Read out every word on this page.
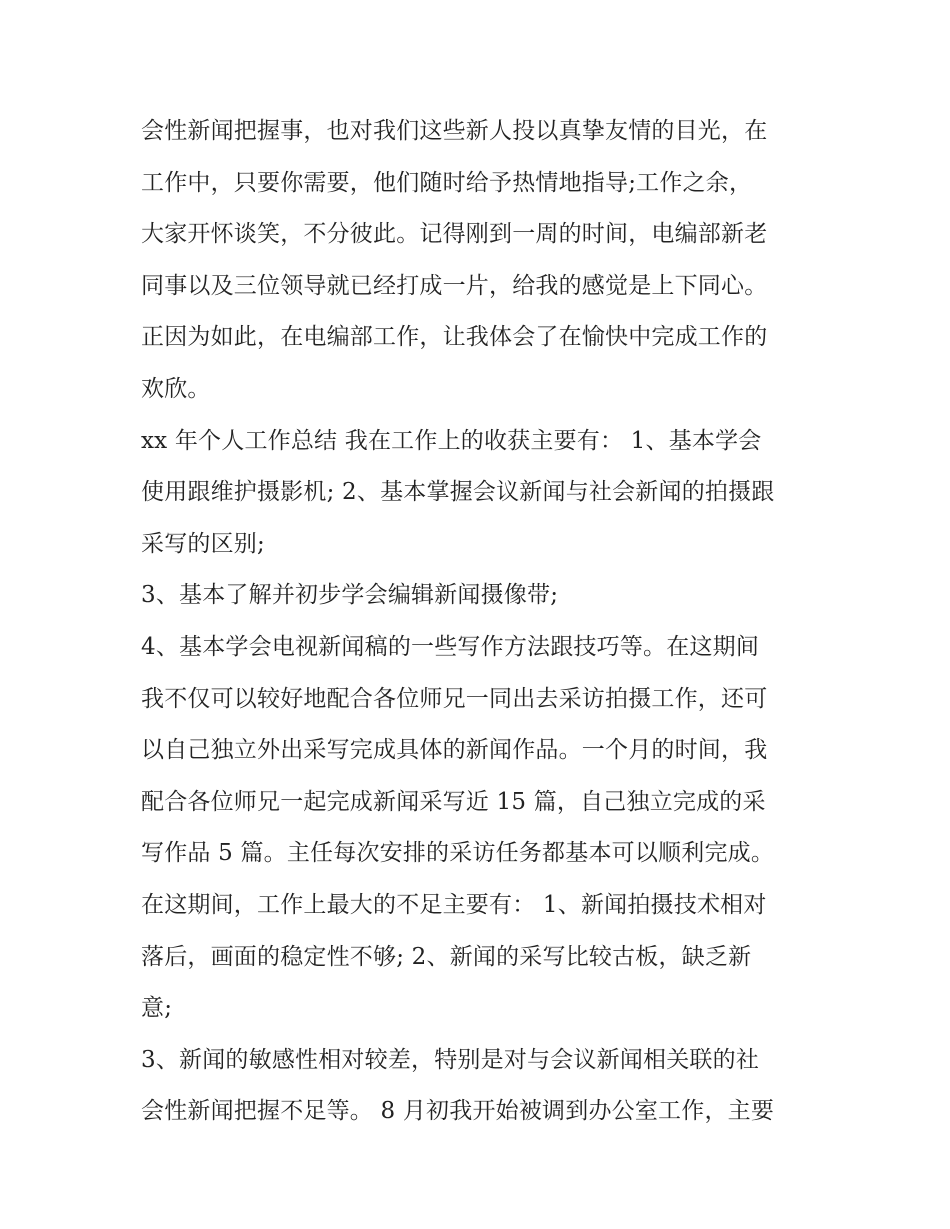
会性新闻把握事，也对我们这些新人投以真挚友情的目光，在
工作中，只要你需要，他们随时给予热情地指导;工作之余，
大家开怀谈笑，不分彼此。记得刚到一周的时间，电编部新老
同事以及三位领导就已经打成一片，给我的感觉是上下同心。
正因为如此，在电编部工作，让我体会了在愉快中完成工作的
欢欣。
xx 年个人工作总结 我在工作上的收获主要有： 1、基本学会
使用跟维护摄影机; 2、基本掌握会议新闻与社会新闻的拍摄跟
采写的区别;
3、基本了解并初步学会编辑新闻摄像带;
4、基本学会电视新闻稿的一些写作方法跟技巧等。在这期间
我不仅可以较好地配合各位师兄一同出去采访拍摄工作，还可
以自己独立外出采写完成具体的新闻作品。一个月的时间，我
配合各位师兄一起完成新闻采写近 15 篇，自己独立完成的采
写作品 5 篇。主任每次安排的采访任务都基本可以顺利完成。
在这期间，工作上最大的不足主要有： 1、新闻拍摄技术相对
落后，画面的稳定性不够; 2、新闻的采写比较古板，缺乏新
意;
3、新闻的敏感性相对较差，特别是对与会议新闻相关联的社
会性新闻把握不足等。 8 月初我开始被调到办公室工作，主要
